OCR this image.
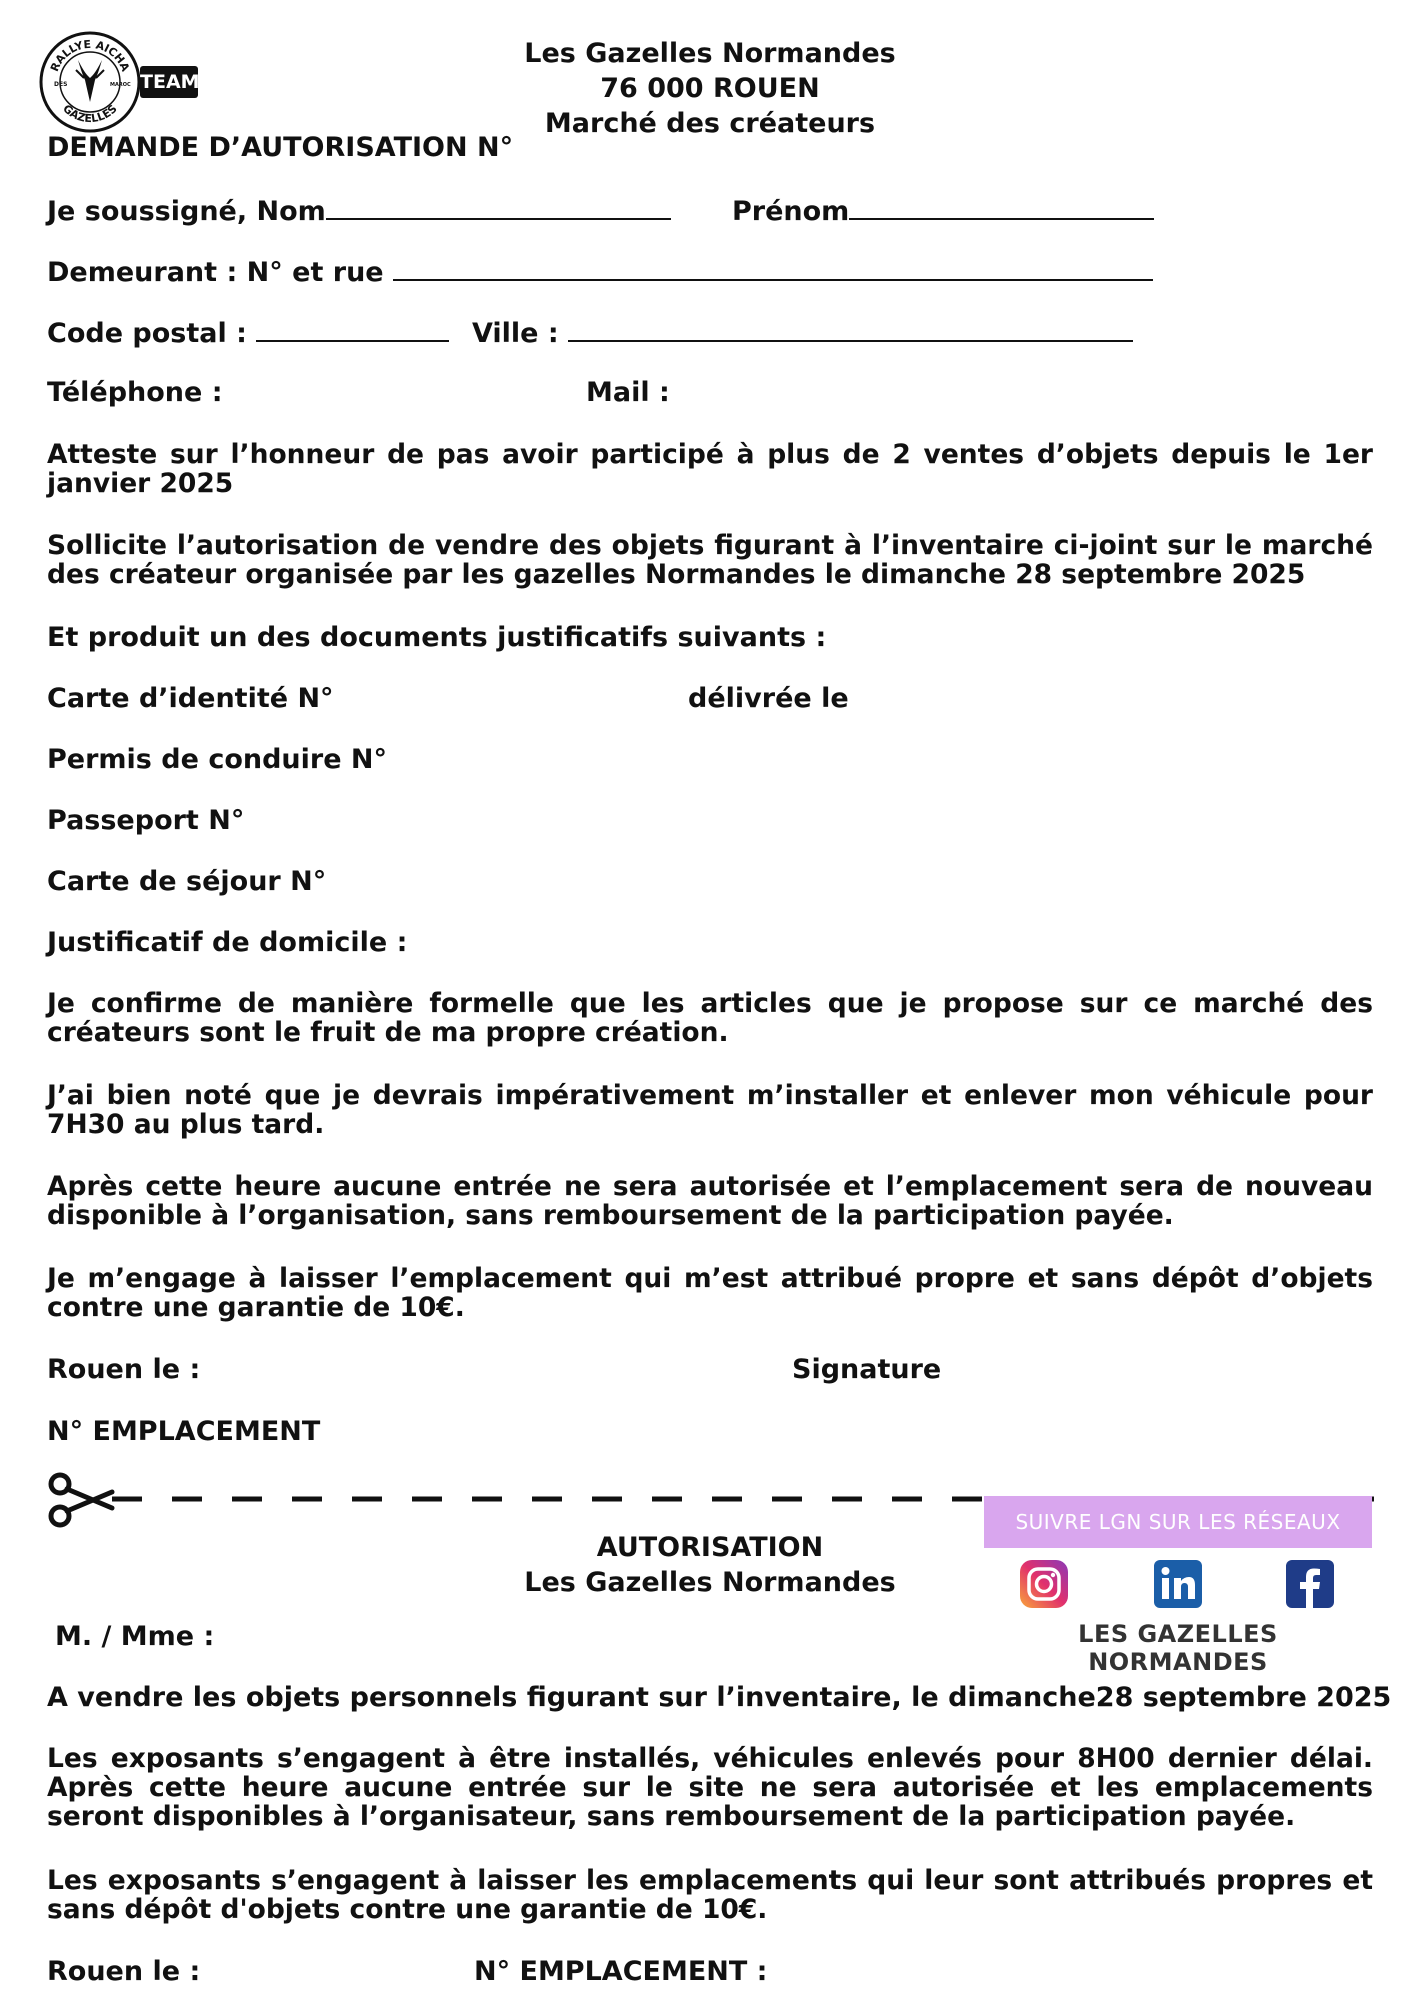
RALLYE AICHA
GAZELLES
DES	MAROC TEAM
Les Gazelles Normandes
76 000 ROUEN
Marché des créateurs
DEMANDE D’AUTORISATION N°
Je soussigné, Nom	Prénom
Demeurant : N° et rue
Code postal :	Ville :
Téléphone :	Mail :
Atteste sur l’honneur de pas avoir participé à plus de 2 ventes d’objets depuis le 1er janvier 2025
Sollicite l’autorisation de vendre des objets figurant à l’inventaire ci-joint sur le marché des créateur organisée par les gazelles Normandes le dimanche 28 septembre 2025
Et produit un des documents justificatifs suivants :
Carte d’identité N°	délivrée le
Permis de conduire N°
Passeport N°
Carte de séjour N°
Justificatif de domicile :
Je confirme de manière formelle que les articles que je propose sur ce marché des créateurs sont le fruit de ma propre création.
J’ai bien noté que je devrais impérativement m’installer et enlever mon véhicule pour 7H30 au plus tard.
Après cette heure aucune entrée ne sera autorisée et l’emplacement sera de nouveau disponible à l’organisation, sans remboursement de la participation payée.
Je m’engage à laisser l’emplacement qui m’est attribué propre et sans dépôt d’objets contre une garantie de 10€.
Rouen le :	Signature
N° EMPLACEMENT
SUIVRE LGN SUR LES RÉSEAUX
LES GAZELLES NORMANDES
AUTORISATION
Les Gazelles Normandes
M. / Mme :
A vendre les objets personnels figurant sur l’inventaire, le dimanche28 septembre 2025
Les exposants s’engagent à être installés, véhicules enlevés pour 8H00 dernier délai. Après cette heure aucune entrée sur le site ne sera autorisée et les emplacements seront disponibles à l’organisateur, sans remboursement de la participation payée.
Les exposants s’engagent à laisser les emplacements qui leur sont attribués propres et sans dépôt d'objets contre une garantie de 10€.
Rouen le :	N° EMPLACEMENT :
